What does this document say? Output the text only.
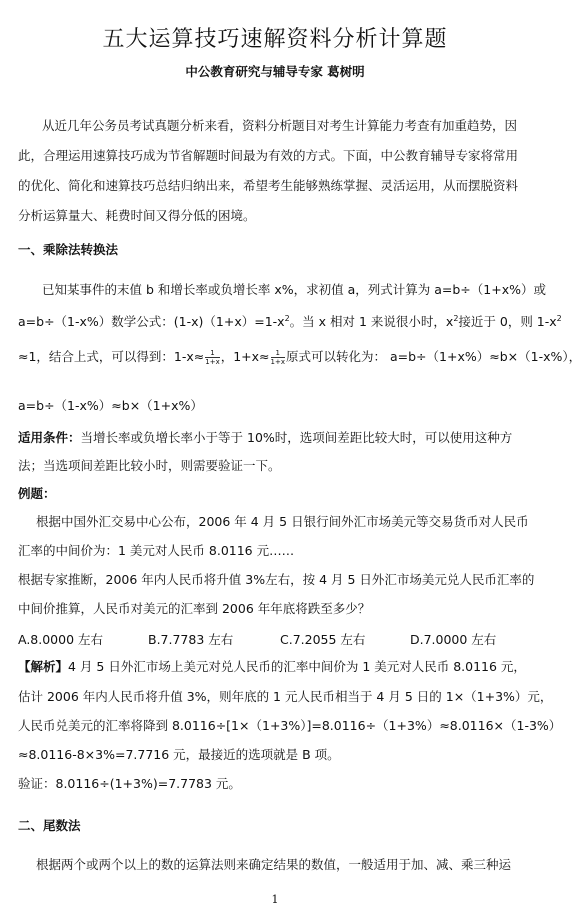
五大运算技巧速解资料分析计算题
中公教育研究与辅导专家 葛树明
从近几年公务员考试真题分析来看，资料分析题目对考生计算能力考查有加重趋势，因
此，合理运用速算技巧成为节省解题时间最为有效的方式。下面，中公教育辅导专家将常用
的优化、简化和速算技巧总结归纳出来，希望考生能够熟练掌握、灵活运用，从而摆脱资料
分析运算量大、耗费时间又得分低的困境。
一、乘除法转换法
已知某事件的末值 b 和增长率或负增长率 x%，求初值 a，列式计算为 a=b÷（1+x%）或
a=b÷（1-x%）数学公式：$(1-x)(1+x)=1-x^2$。当 x 相对 1 来说很小时，$x^2$接近于 0，则 $1-x^2$
≈1，结合上式，可以得到：$1-x\approx \frac{1}{1+x}$ ，$1+x\approx \frac{1}{1+x}$ 原式可以转化为： a=b÷（1+x%）≈b×（1-x%），
a=b÷（1-x%）≈b×（1+x%）
适用条件：当增长率或负增长率小于等于 10%时，选项间差距比较大时，可以使用这种方
法；当选项间差距比较小时，则需要验证一下。
例题：
根据中国外汇交易中心公布，2006 年 4 月 5 日银行间外汇市场美元等交易货币对人民币
汇率的中间价为：1 美元对人民币 8.0116 元……
根据专家推断，2006 年内人民币将升值 3%左右，按 4 月 5 日外汇市场美元兑人民币汇率的
中间价推算，人民币对美元的汇率到 2006 年年底将跌至多少？
A.8.0000 左右	B.7.7783 左右	C.7.2055 左右	D.7.0000 左右
【解析】4 月 5 日外汇市场上美元对兑人民币的汇率中间价为 1 美元对人民币 8.0116 元，
估计 2006 年内人民币将升值 3%，则年底的 1 元人民币相当于 4 月 5 日的 1×（1+3%）元，
人民币兑美元的汇率将降到 8.0116÷[1×（1+3%）]=8.0116÷（1+3%）≈8.0116×（1-3%）
≈8.0116-8×3%=7.7716 元，最接近的选项就是 B 项。
验证：8.0116÷(1+3%)=7.7783 元。
二、尾数法
根据两个或两个以上的数的运算法则来确定结果的数值，一般适用于加、减、乘三种运
1
